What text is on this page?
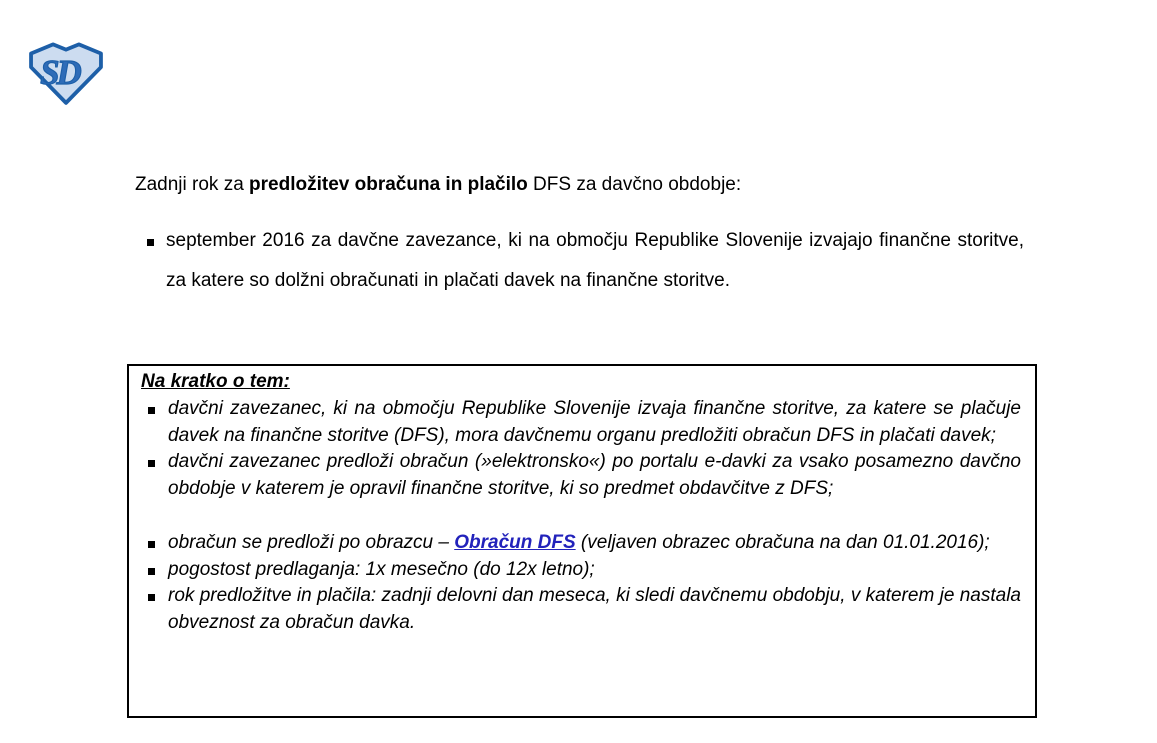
SD
Zadnji rok za predložitev obračuna in plačilo DFS za davčno obdobje:
september 2016 za davčne zavezance, ki na območju Republike Slovenije izvajajo finančne storitve, za katere so dolžni obračunati in plačati davek na finančne storitve.
Na kratko o tem:
davčni zavezanec, ki na območju Republike Slovenije izvaja finančne storitve, za katere se plačuje davek na finančne storitve (DFS), mora davčnemu organu predložiti obračun DFS in plačati davek;
davčni zavezanec predloži obračun (»elektronsko«) po portalu e-davki za vsako posamezno davčno obdobje v katerem je opravil finančne storitve, ki so predmet obdavčitve z DFS;
obračun se predloži po obrazcu – Obračun DFS (veljaven obrazec obračuna na dan 01.01.2016);
pogostost predlaganja: 1x mesečno (do 12x letno);
rok predložitve in plačila: zadnji delovni dan meseca, ki sledi davčnemu obdobju, v katerem je nastala obveznost za obračun davka.
